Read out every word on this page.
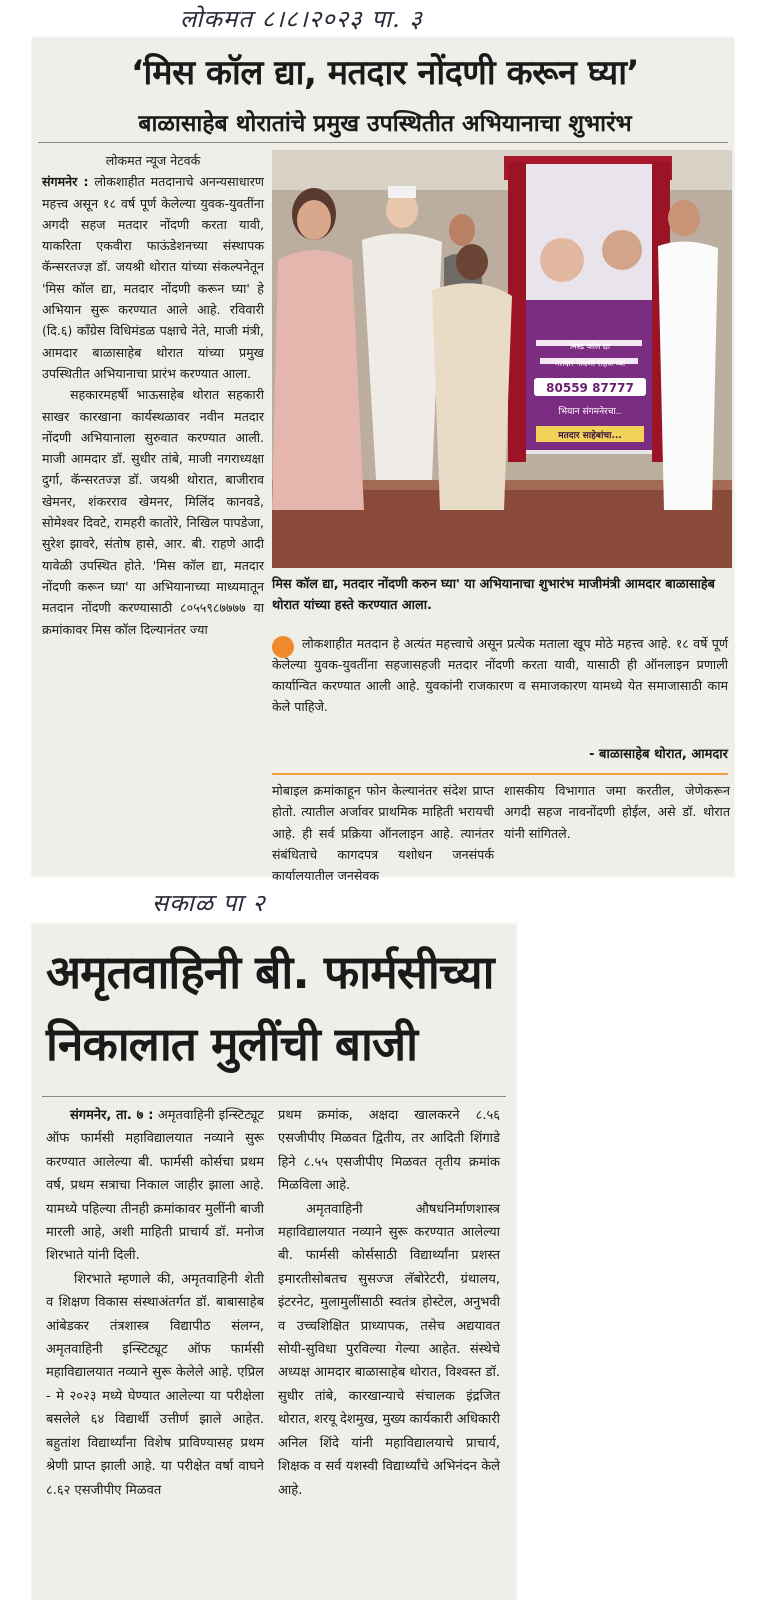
लोकमत ८।८।२०२३ पा. ३
‘मिस कॉल द्या, मतदार नोंदणी करून घ्या’
बाळासाहेब थोरातांचे प्रमुख उपस्थितीत अभियानाचा शुभारंभ
लोकमत न्यूज नेटवर्क

संगमनेर : लोकशाहीत मतदानाचे अनन्यसाधारण महत्त्व असून १८ वर्ष पूर्ण केलेल्या युवक-युवतींना अगदी सहज मतदार नोंदणी करता यावी, याकरिता एकवीरा फाऊंडेशनच्या संस्थापक कॅन्सरतज्ज्ञ डॉ. जयश्री थोरात यांच्या संकल्पनेतून 'मिस कॉल द्या, मतदार नोंदणी करून घ्या' हे अभियान सुरू करण्यात आले आहे. रविवारी (दि.६) काँग्रेस विधिमंडळ पक्षाचे नेते, माजी मंत्री, आमदार बाळासाहेब थोरात यांच्या प्रमुख उपस्थितीत अभियानाचा प्रारंभ करण्यात आला.

सहकारमहर्षी भाऊसाहेब थोरात सहकारी साखर कारखाना कार्यस्थळावर नवीन मतदार नोंदणी अभियानाला सुरुवात करण्यात आली. माजी आमदार डॉ. सुधीर तांबे, माजी नगराध्यक्षा दुर्गा, कॅन्सरतज्ज्ञ डॉ. जयश्री थोरात, बाजीराव खेमनर, शंकरराव खेमनर, मिलिंद कानवडे, सोमेश्वर दिवटे, रामहरी कातोरे, निखिल पापडेजा, सुरेश झावरे, संतोष हासे, आर. बी. राहणे आदी यावेळी उपस्थित होते. 'मिस कॉल द्या, मतदार नोंदणी करून घ्या' या अभियानाच्या माध्यमातून मतदान नोंदणी करण्यासाठी ८०५५९८७७७७ या क्रमांकावर मिस कॉल दिल्यानंतर ज्या

80559 87777
मिस्ड कॉल द्या
मतदार नोंदणी सहज घ्या
भियान संगमनेरचा..
मतदार साहेबांचा...
मिस कॉल द्या, मतदार नोंदणी करुन घ्या' या अभियानाचा शुभारंभ माजीमंत्री आमदार बाळासाहेब थोरात यांच्या हस्ते करण्यात आला.

लोकशाहीत मतदान हे अत्यंत महत्त्वाचे असून प्रत्येक मताला खूप मोठे महत्त्व आहे. १८ वर्षे पूर्ण केलेल्या युवक-युवतींना सहजासहजी मतदार नोंदणी करता यावी, यासाठी ही ऑनलाइन प्रणाली कार्यान्वित करण्यात आली आहे. युवकांनी राजकारण व समाजकारण यामध्ये येत समाजासाठी काम केले पाहिजे.

- बाळासाहेब थोरात, आमदार

मोबाइल क्रमांकाहून फोन केल्यानंतर संदेश प्राप्त होतो. त्यातील अर्जावर प्राथमिक माहिती भरायची आहे. ही सर्व प्रक्रिया ऑनलाइन आहे. त्यानंतर संबंधिताचे कागदपत्र यशोधन जनसंपर्क कार्यालयातील जनसेवक

शासकीय विभागात जमा करतील, जेणेकरून अगदी सहज नावनोंदणी होईल, असे डॉ. थोरात यांनी सांगितले.

सकाळ पा २
अमृतवाहिनी बी. फार्मसीच्या
निकालात मुलींची बाजी

संगमनेर, ता. ७ : अमृतवाहिनी इन्स्टिट्यूट ऑफ फार्मसी महाविद्यालयात नव्याने सुरू करण्यात आलेल्या बी. फार्मसी कोर्सचा प्रथम वर्ष, प्रथम सत्राचा निकाल जाहीर झाला आहे. यामध्ये पहिल्या तीनही क्रमांकावर मुलींनी बाजी मारली आहे, अशी माहिती प्राचार्य डॉ. मनोज शिरभाते यांनी दिली.

शिरभाते म्हणाले की, अमृतवाहिनी शेती व शिक्षण विकास संस्थाअंतर्गत डॉ. बाबासाहेब आंबेडकर तंत्रशास्त्र विद्यापीठ संलग्न, अमृतवाहिनी इन्स्टिट्यूट ऑफ फार्मसी महाविद्यालयात नव्याने सुरू केलेले आहे. एप्रिल - मे २०२३ मध्ये घेण्यात आलेल्या या परीक्षेला बसलेले ६४ विद्यार्थी उत्तीर्ण झाले आहेत. बहुतांश विद्यार्थ्यांना विशेष प्राविण्यासह प्रथम श्रेणी प्राप्त झाली आहे. या परीक्षेत वर्षा वाघने ८.६२ एसजीपीए मिळवत

प्रथम क्रमांक, अक्षदा खालकरने ८.५६ एसजीपीए मिळवत द्वितीय, तर आदिती शिंगाडे हिने ८.५५ एसजीपीए मिळवत तृतीय क्रमांक मिळविला आहे.

अमृतवाहिनी औषधनिर्माणशास्त्र महाविद्यालयात नव्याने सुरू करण्यात आलेल्या बी. फार्मसी कोर्ससाठी विद्यार्थ्यांना प्रशस्त इमारतीसोबतच सुसज्ज लॅबोरेटरी, ग्रंथालय, इंटरनेट, मुलामुलींसाठी स्वतंत्र होस्टेल, अनुभवी व उच्चशिक्षित प्राध्यापक, तसेच अद्ययावत सोयी-सुविधा पुरविल्या गेल्या आहेत. संस्थेचे अध्यक्ष आमदार बाळासाहेब थोरात, विश्वस्त डॉ. सुधीर तांबे, कारखान्याचे संचालक इंद्रजित थोरात, शरयू देशमुख, मुख्य कार्यकारी अधिकारी अनिल शिंदे यांनी महाविद्यालयाचे प्राचार्य, शिक्षक व सर्व यशस्वी विद्यार्थ्यांचे अभिनंदन केले आहे.
